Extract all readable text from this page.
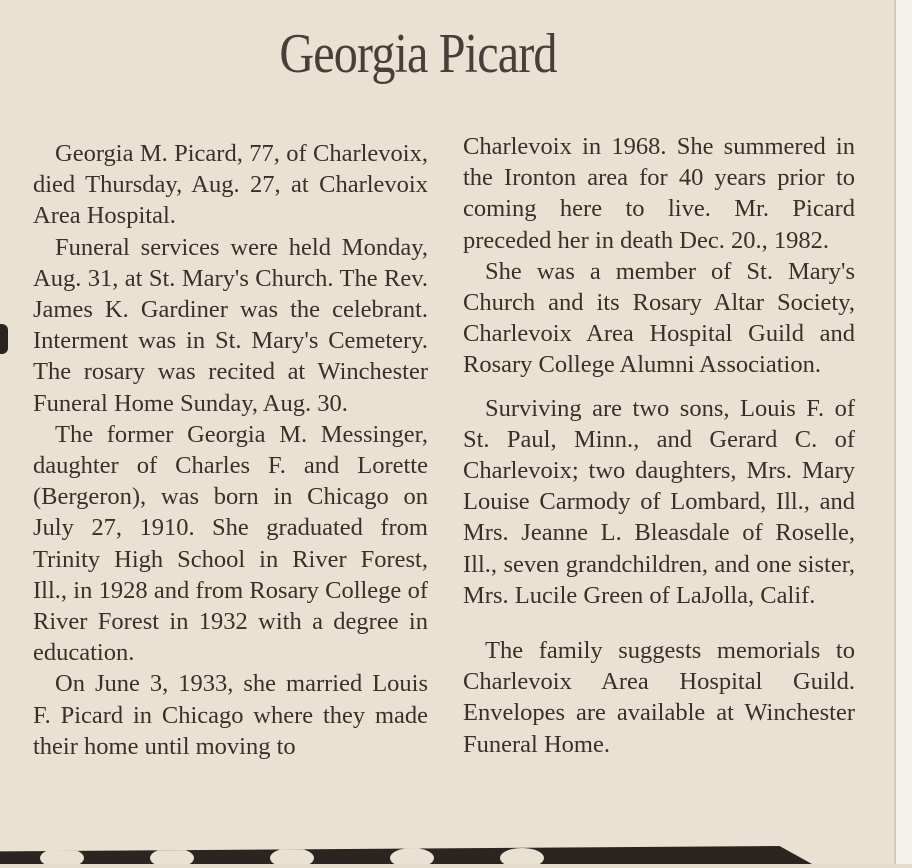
Georgia Picard

Georgia M. Picard, 77, of Charlevoix, died Thursday, Aug. 27, at Charlevoix Area Hospital.

Funeral services were held Monday, Aug. 31, at St. Mary's Church. The Rev. James K. Gardiner was the celebrant. Interment was in St. Mary's Cemetery. The rosary was recited at Winchester Funeral Home Sunday, Aug. 30.

The former Georgia M. Messinger, daughter of Charles F. and Lorette (Bergeron), was born in Chicago on July 27, 1910. She graduated from Trinity High School in River Forest, Ill., in 1928 and from Rosary College of River Forest in 1932 with a degree in education.

On June 3, 1933, she married Louis F. Picard in Chicago where they made their home until moving to

Charlevoix in 1968. She summered in the Ironton area for 40 years prior to coming here to live. Mr. Picard preceded her in death Dec. 20., 1982.

She was a member of St. Mary's Church and its Rosary Altar Society, Charlevoix Area Hospital Guild and Rosary College Alumni Association.

Surviving are two sons, Louis F. of St. Paul, Minn., and Gerard C. of Charlevoix; two daughters, Mrs. Mary Louise Carmody of Lombard, Ill., and Mrs. Jeanne L. Bleasdale of Roselle, Ill., seven grandchildren, and one sister, Mrs. Lucile Green of LaJolla, Calif.

The family suggests memorials to Charlevoix Area Hospital Guild. Envelopes are available at Winchester Funeral Home.
